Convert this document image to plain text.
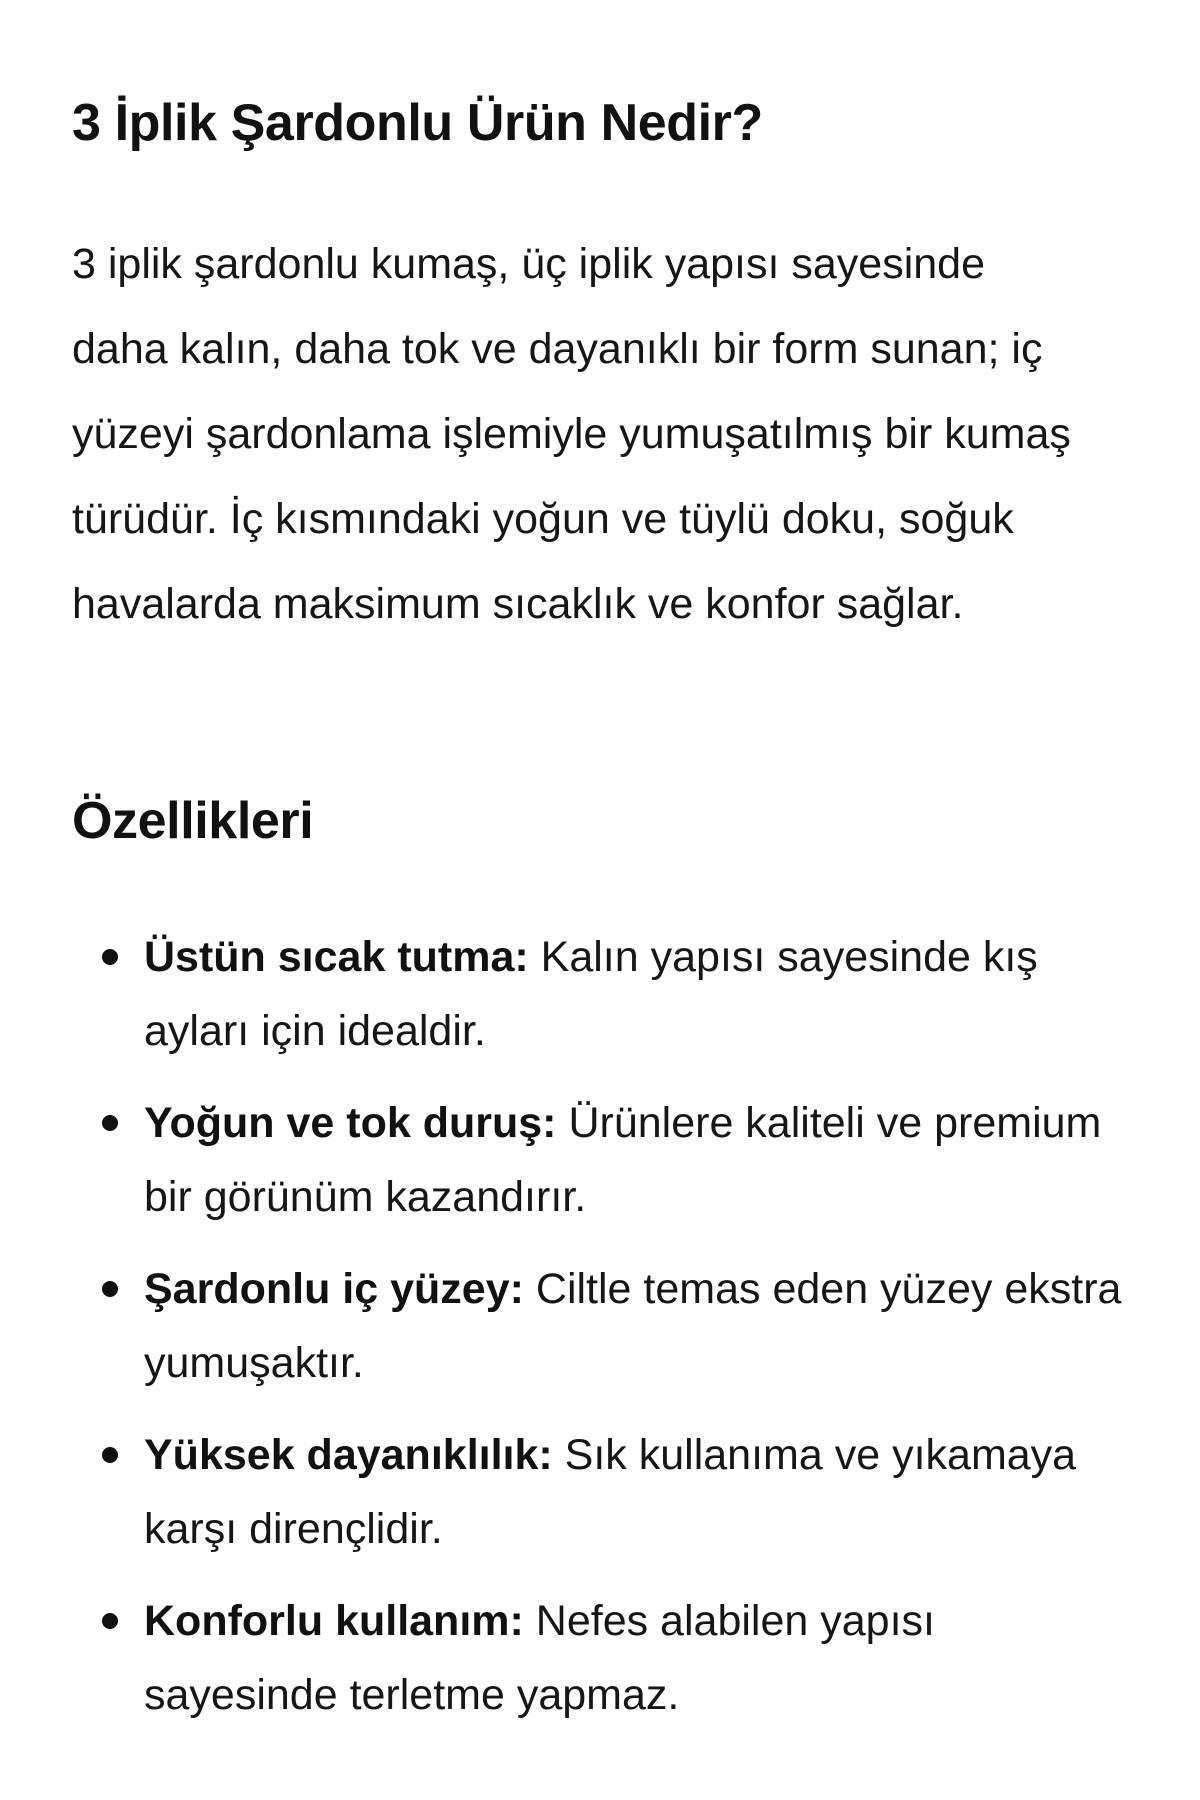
3 İplik Şardonlu Ürün Nedir?

3 iplik şardonlu kumaş, üç iplik yapısı sayesinde daha kalın, daha tok ve dayanıklı bir form sunan; iç yüzeyi şardonlama işlemiyle yumuşatılmış bir kumaş türüdür. İç kısmındaki yoğun ve tüylü doku, soğuk havalarda maksimum sıcaklık ve konfor sağlar.

Özellikleri
Üstün sıcak tutma: Kalın yapısı sayesinde kış ayları için idealdir.
Yoğun ve tok duruş: Ürünlere kaliteli ve premium bir görünüm kazandırır.
Şardonlu iç yüzey: Ciltle temas eden yüzey ekstra yumuşaktır.
Yüksek dayanıklılık: Sık kullanıma ve yıkamaya karşı dirençlidir.
Konforlu kullanım: Nefes alabilen yapısı sayesinde terletme yapmaz.
